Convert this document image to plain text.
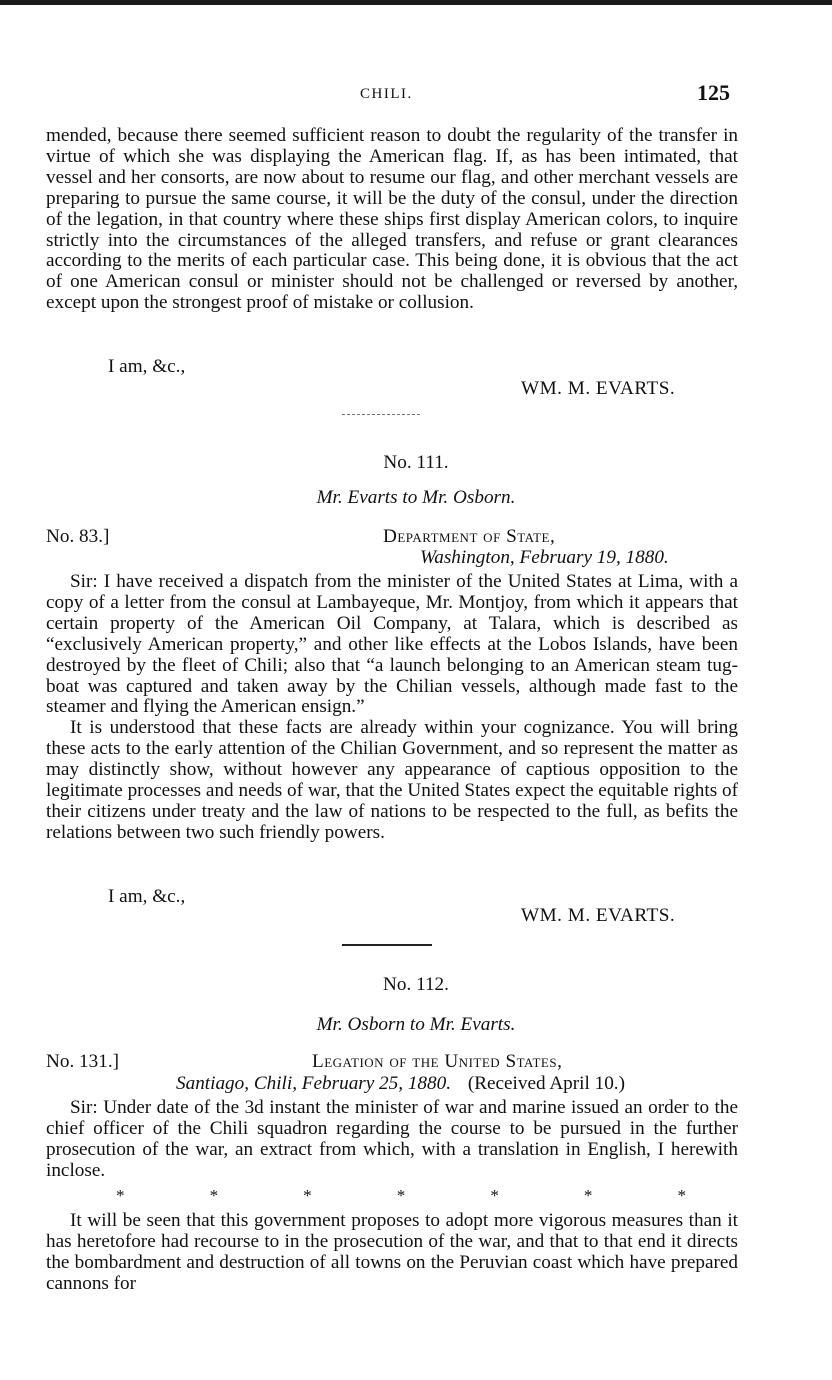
CHILI.	125

mended, because there seemed sufficient reason to doubt the regularity of the transfer in virtue of which she was displaying the American flag. If, as has been intimated, that vessel and her consorts, are now about to resume our flag, and other merchant vessels are preparing to pursue the same course, it will be the duty of the consul, under the direction of the legation, in that country where these ships first display American colors, to inquire strictly into the circumstances of the alleged transfers, and refuse or grant clearances according to the merits of each particular case. This being done, it is obvious that the act of one American consul or minister should not be challenged or reversed by another, except upon the strongest proof of mistake or collusion.

I am, &c.,
WM. M. EVARTS.
No. 111.
Mr. Evarts to Mr. Osborn.
No. 83.]	Department of State,
Washington, February 19, 1880.

Sir: I have received a dispatch from the minister of the United States at Lima, with a copy of a letter from the consul at Lambayeque, Mr. Montjoy, from which it appears that certain property of the American Oil Company, at Talara, which is described as “exclusively American property,” and other like effects at the Lobos Islands, have been destroyed by the fleet of Chili; also that “a launch belonging to an American steam tug-boat was captured and taken away by the Chilian vessels, although made fast to the steamer and flying the American ensign.”

It is understood that these facts are already within your cognizance. You will bring these acts to the early attention of the Chilian Government, and so represent the matter as may distinctly show, without however any appearance of captious opposition to the legitimate processes and needs of war, that the United States expect the equitable rights of their citizens under treaty and the law of nations to be respected to the full, as befits the relations between two such friendly powers.

I am, &c.,
WM. M. EVARTS.
No. 112.
Mr. Osborn to Mr. Evarts.
No. 131.]	Legation of the United States,
Santiago, Chili, February 25, 1880. (Received April 10.)

Sir: Under date of the 3d instant the minister of war and marine issued an order to the chief officer of the Chili squadron regarding the course to be pursued in the further prosecution of the war, an extract from which, with a translation in English, I herewith inclose.

*	*	*	*	*	*	*

It will be seen that this government proposes to adopt more vigorous measures than it has heretofore had recourse to in the prosecution of the war, and that to that end it directs the bombardment and destruction of all towns on the Peruvian coast which have prepared cannons for
